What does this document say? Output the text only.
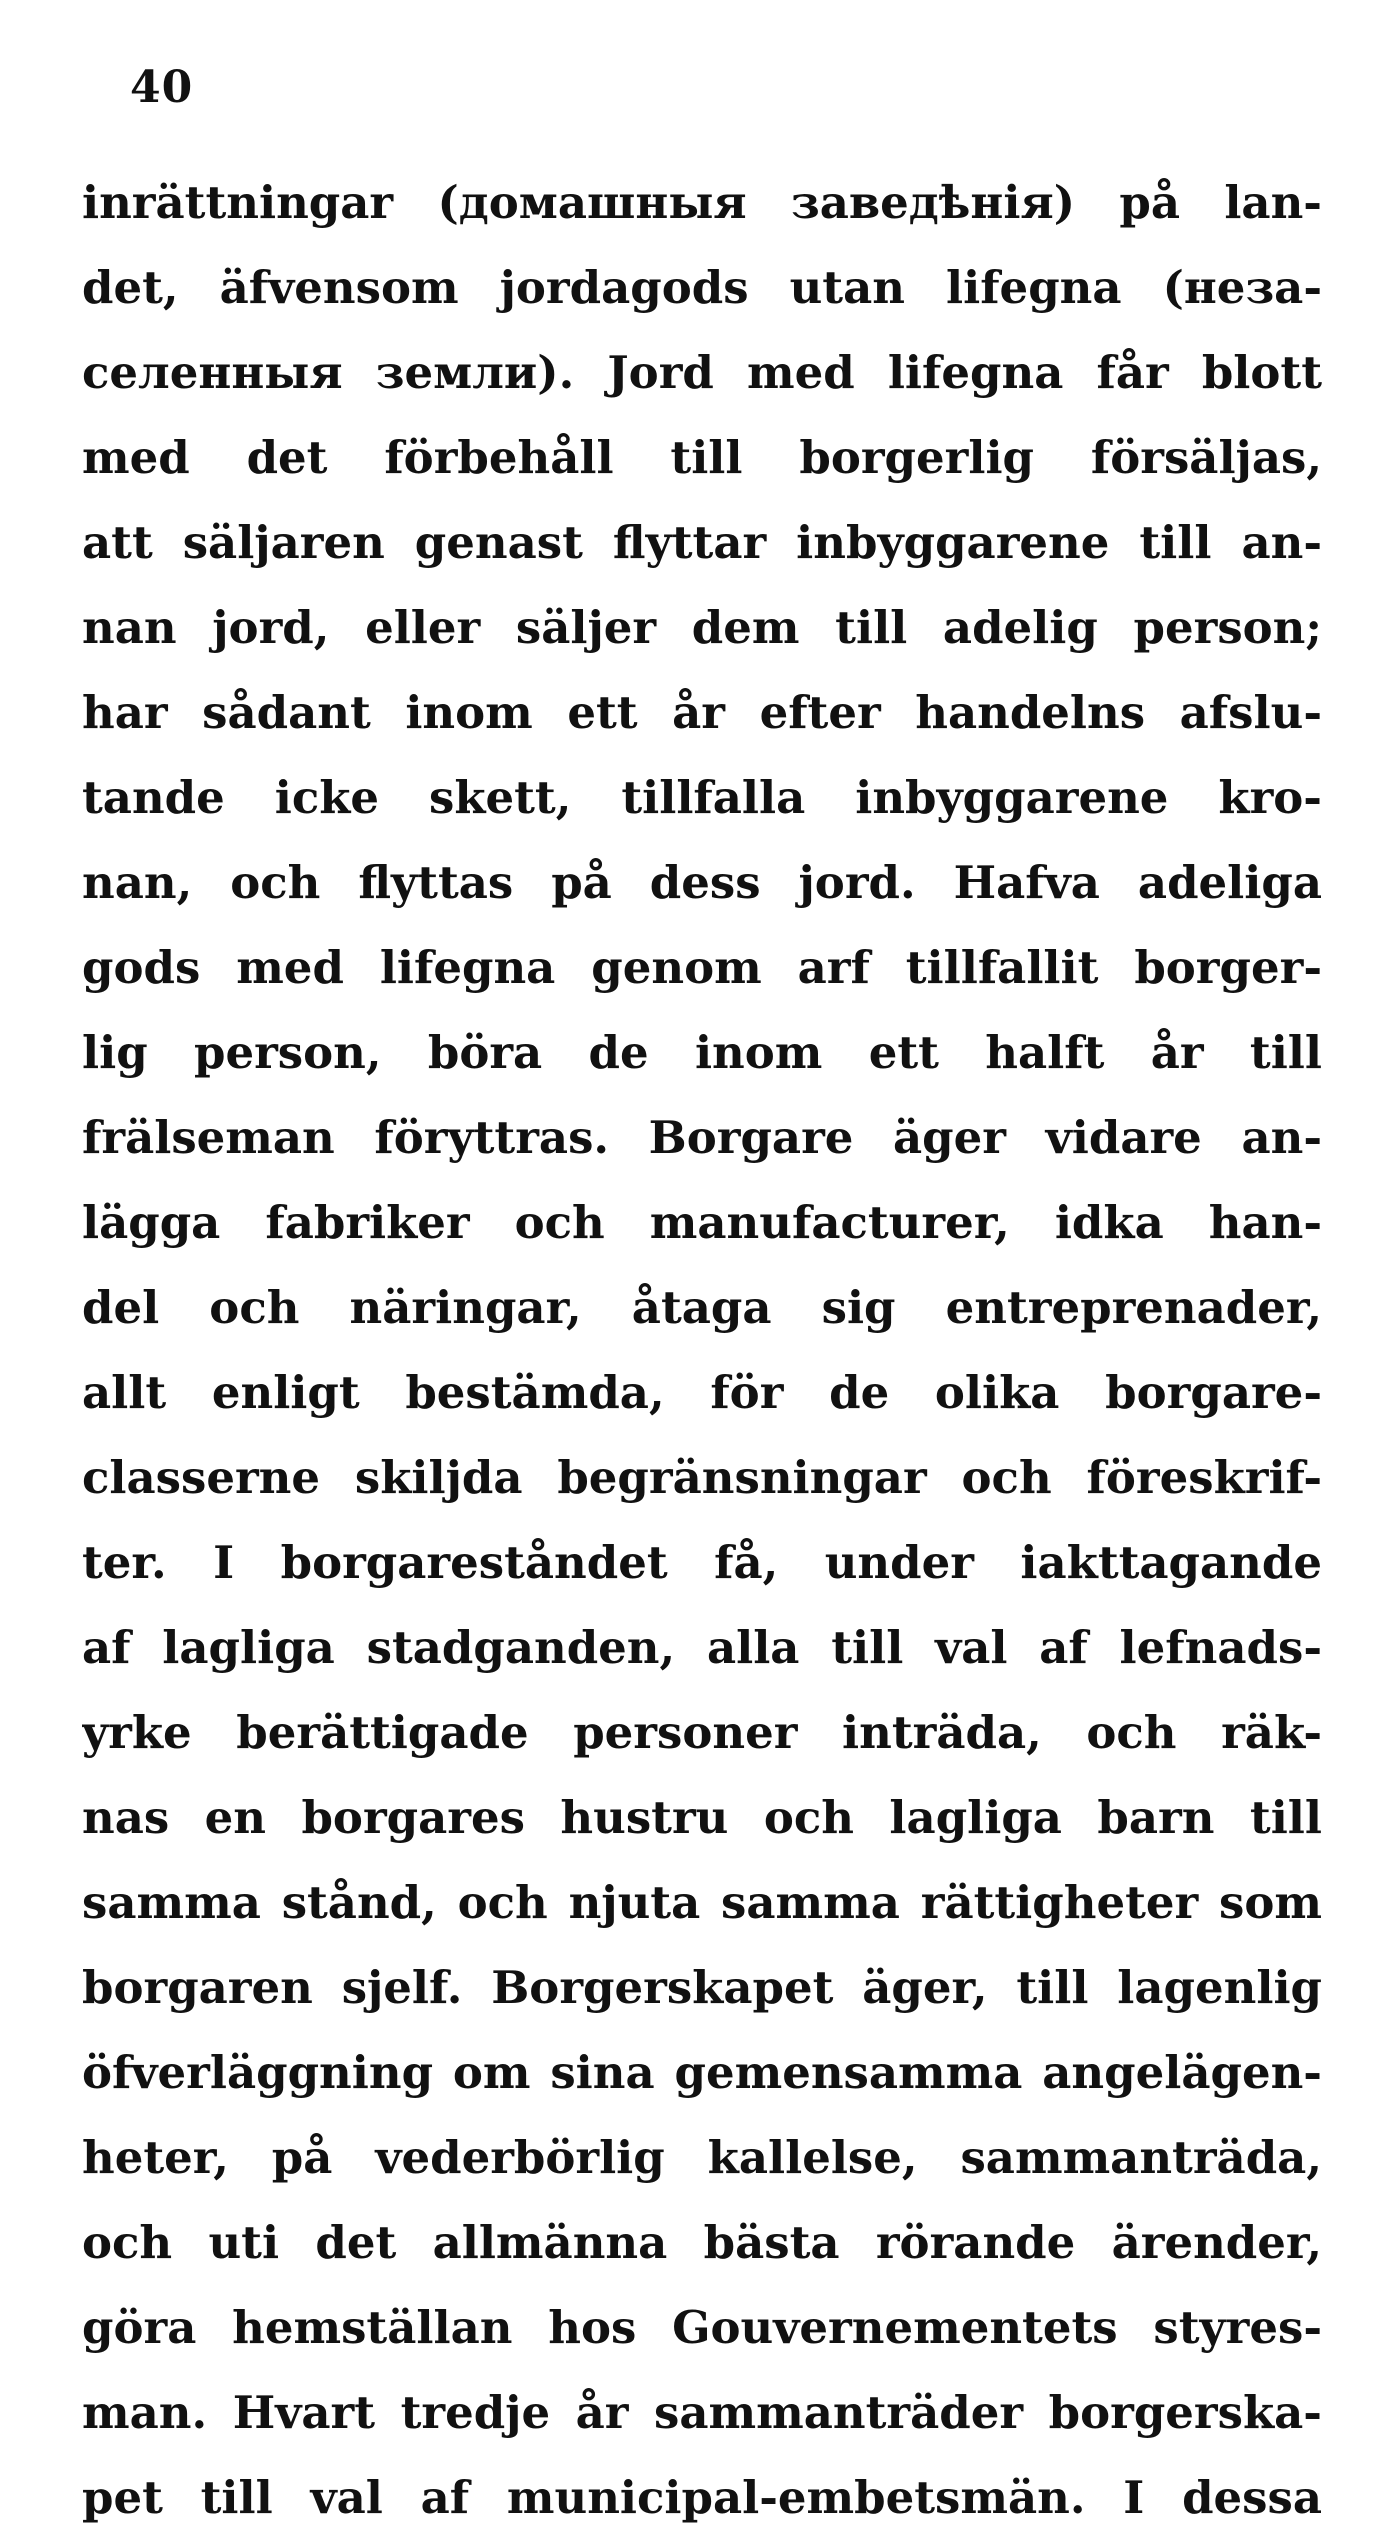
40
inrättningar (домашныя заведѣнія) på lan-
det, äfvensom jordagods utan lifegna (неза-
селенныя земли). Jord med lifegna får blott
med det förbehåll till borgerlig försäljas,
att säljaren genast flyttar inbyggarene till an-
nan jord, eller säljer dem till adelig person;
har sådant inom ett år efter handelns afslu-
tande icke skett, tillfalla inbyggarene kro-
nan, och flyttas på dess jord. Hafva adeliga
gods med lifegna genom arf tillfallit borger-
lig person, böra de inom ett halft år till
frälseman föryttras. Borgare äger vidare an-
lägga fabriker och manufacturer, idka han-
del och näringar, åtaga sig entreprenader,
allt enligt bestämda, för de olika borgare-
classerne skiljda begränsningar och föreskrif-
ter. I borgareståndet få, under iakttagande
af lagliga stadganden, alla till val af lefnads-
yrke berättigade personer inträda, och räk-
nas en borgares hustru och lagliga barn till
samma stånd, och njuta samma rättigheter som
borgaren sjelf. Borgerskapet äger, till lagenlig
öfverläggning om sina gemensamma angelägen-
heter, på vederbörlig kallelse, sammanträda,
och uti det allmänna bästa rörande ärender,
göra hemställan hos Gouvernementets styres-
man. Hvart tredje år sammanträder borgerska-
pet till val af municipal-embetsmän. I dessa
